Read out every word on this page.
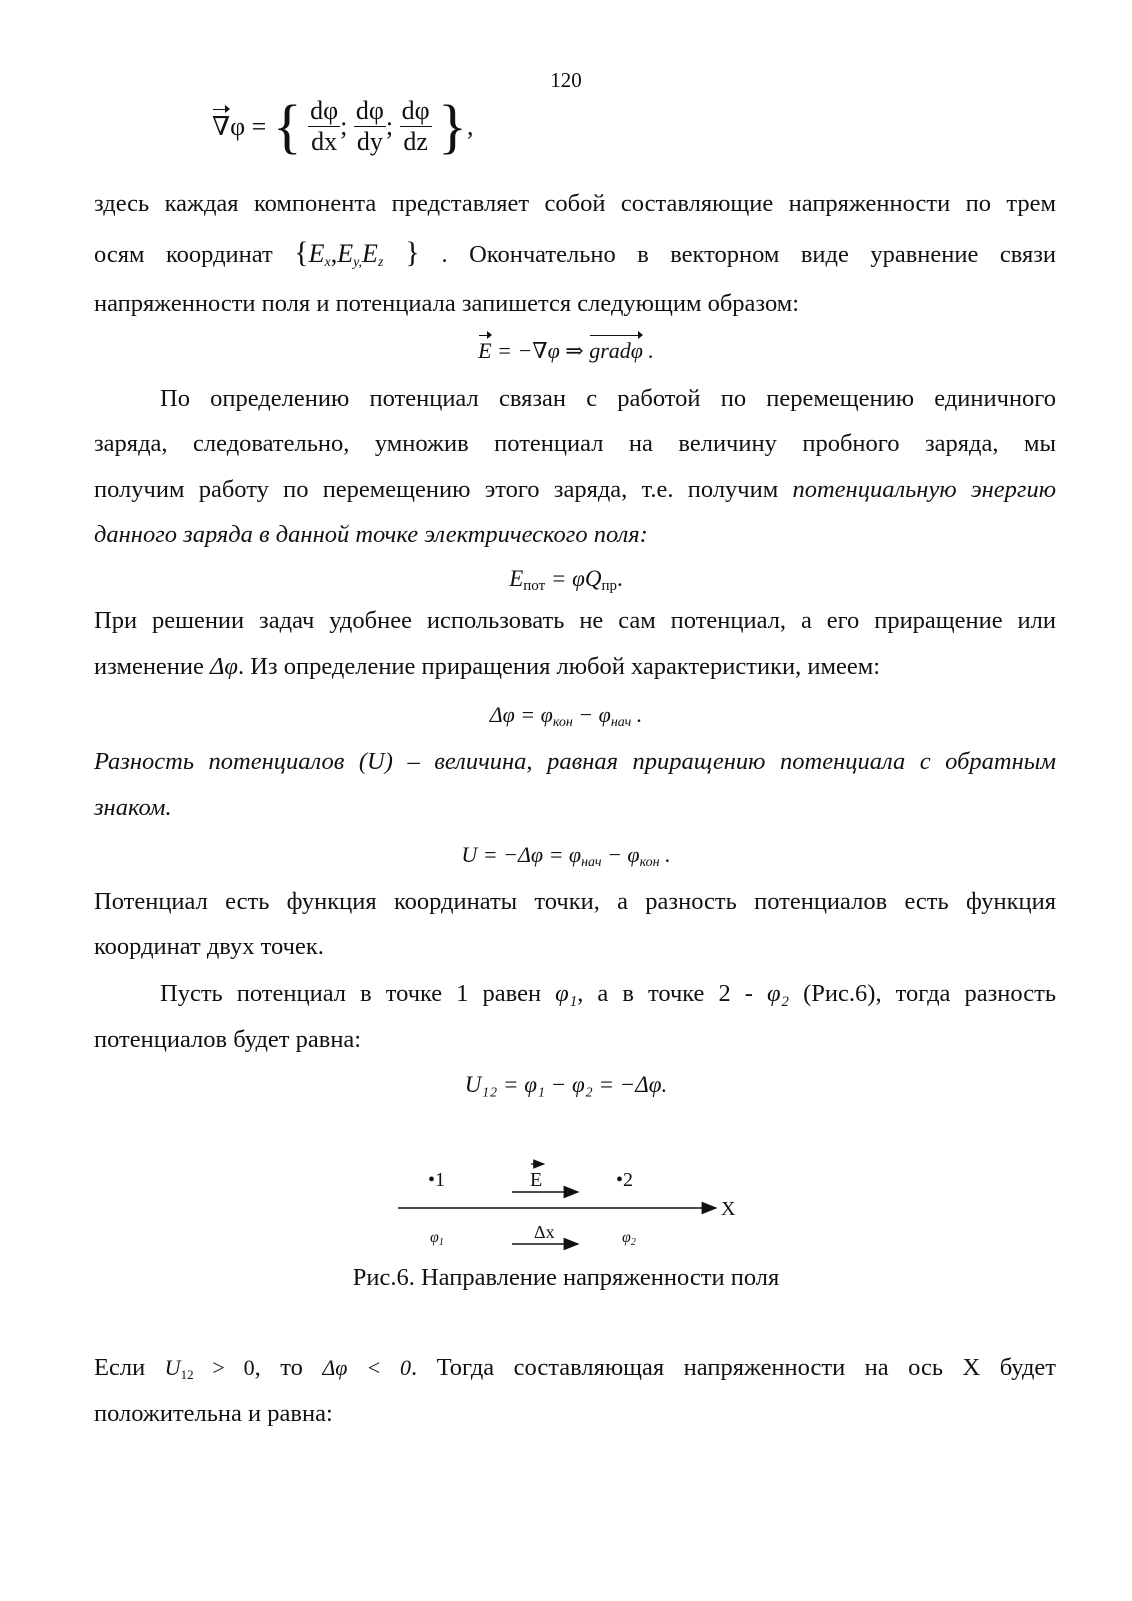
120
∇φ = { $\frac{d\varphi}{dx}$ ; $\frac{d\varphi}{dy}$ ; $\frac{d\varphi}{dz}$ },
здесь каждая компонента представляет собой составляющие напряженности по трем
осям координат {$E_x,E_{y,}E_z$ } . Окончательно в векторном виде уравнение связи
напряженности поля и потенциала запишется следующим образом:
E = −∇φ ⇒ gradφ .
По определению потенциал связан с работой по перемещению единичного
заряда, следовательно, умножив потенциал на величину пробного заряда, мы
получим работу по перемещению этого заряда, т.е. получим потенциальную энергию
данного заряда в данной точке электрического поля:
Eпот = φQпр.
При решении задач удобнее использовать не сам потенциал, а его приращение или
изменение Δφ. Из определение приращения любой характеристики, имеем:
$\Delta\varphi = \varphi_{кон} - \varphi_{нач}$ .
Разность потенциалов (U) – величина, равная приращению потенциала с обратным
знаком.
$U = -\Delta\varphi = \varphi_{нач} - \varphi_{кон}$ .
Потенциал есть функция координаты точки, а разность потенциалов есть функция
координат двух точек.
Пусть потенциал в точке 1 равен φ₁, а в точке 2 - φ₂ (Рис.6), тогда разность
потенциалов будет равна:
U₁₂ = φ₁ − φ₂ = −Δφ.
•1	E	•2
X
φ1
Δx	φ2
Рис.6. Направление напряженности поля
Если U12 > 0, то Δφ < 0. Тогда составляющая напряженности на ось X будет
положительна и равна:
